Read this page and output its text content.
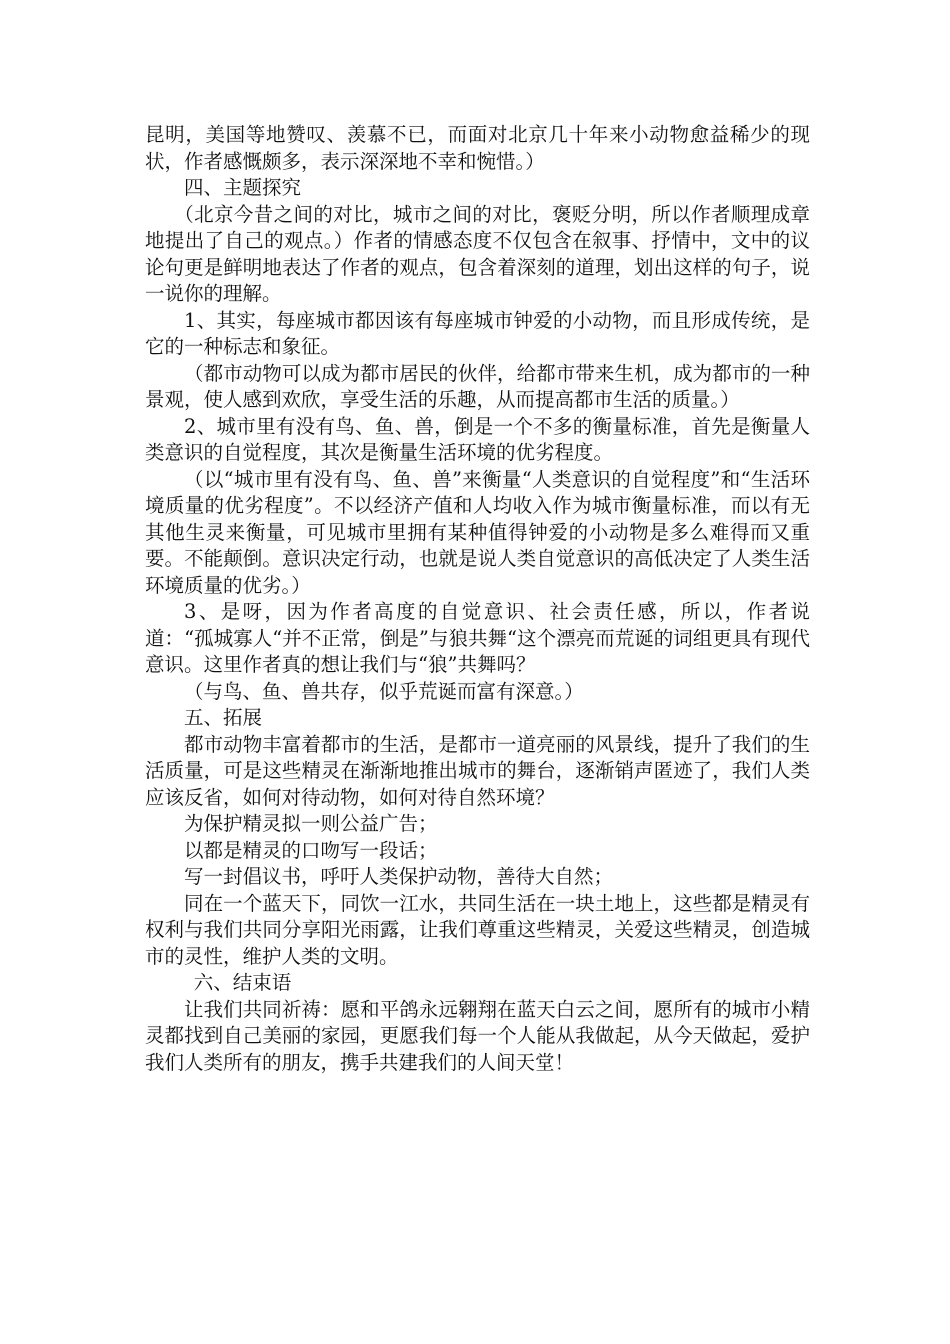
昆明，美国等地赞叹、羡慕不已，而面对北京几十年来小动物愈益稀少的现状，作者感慨颇多，表示深深地不幸和惋惜。）

四、主题探究

（北京今昔之间的对比，城市之间的对比，褒贬分明，所以作者顺理成章地提出了自己的观点。）作者的情感态度不仅包含在叙事、抒情中，文中的议论句更是鲜明地表达了作者的观点，包含着深刻的道理，划出这样的句子，说一说你的理解。

1、其实，每座城市都因该有每座城市钟爱的小动物，而且形成传统，是它的一种标志和象征。

（都市动物可以成为都市居民的伙伴，给都市带来生机，成为都市的一种景观，使人感到欢欣，享受生活的乐趣，从而提高都市生活的质量。）

2、城市里有没有鸟、鱼、兽，倒是一个不多的衡量标准，首先是衡量人类意识的自觉程度，其次是衡量生活环境的优劣程度。

（以“城市里有没有鸟、鱼、兽”来衡量“人类意识的自觉程度”和“生活环境质量的优劣程度”。不以经济产值和人均收入作为城市衡量标准，而以有无其他生灵来衡量，可见城市里拥有某种值得钟爱的小动物是多么难得而又重要。不能颠倒。意识决定行动，也就是说人类自觉意识的高低决定了人类生活环境质量的优劣。）

3、是呀，因为作者高度的自觉意识、社会责任感，所以，作者说道：“孤城寡人“并不正常，倒是”与狼共舞“这个漂亮而荒诞的词组更具有现代意识。这里作者真的想让我们与“狼”共舞吗？

（与鸟、鱼、兽共存，似乎荒诞而富有深意。）

五、拓展

都市动物丰富着都市的生活，是都市一道亮丽的风景线，提升了我们的生活质量，可是这些精灵在渐渐地推出城市的舞台，逐渐销声匿迹了，我们人类应该反省，如何对待动物，如何对待自然环境？

为保护精灵拟一则公益广告；

以都是精灵的口吻写一段话；

写一封倡议书，呼吁人类保护动物，善待大自然；

同在一个蓝天下，同饮一江水，共同生活在一块土地上，这些都是精灵有权利与我们共同分享阳光雨露，让我们尊重这些精灵，关爱这些精灵，创造城市的灵性，维护人类的文明。

六、结束语

让我们共同祈祷：愿和平鸽永远翱翔在蓝天白云之间，愿所有的城市小精灵都找到自己美丽的家园，更愿我们每一个人能从我做起，从今天做起，爱护我们人类所有的朋友，携手共建我们的人间天堂！
